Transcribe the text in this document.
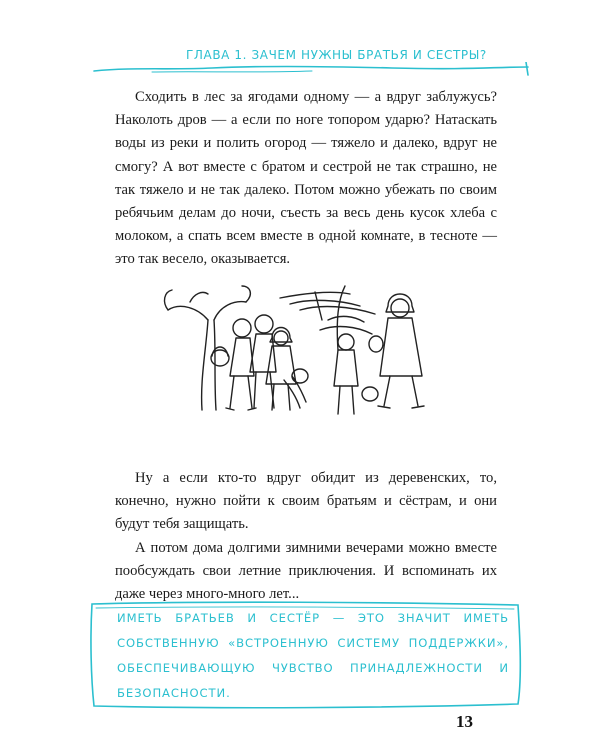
ГЛАВА 1. ЗАЧЕМ НУЖНЫ БРАТЬЯ И СЕСТРЫ?

Сходить в лес за ягодами одному — а вдруг заблужусь? Наколоть дров — а если по ноге топором ударю? Натаскать воды из реки и полить огород — тяжело и далеко, вдруг не смогу? А вот вместе с братом и сестрой не так страшно, не так тяжело и не так далеко. Потом можно убежать по своим ребячьим делам до ночи, съесть за весь день кусок хлеба с молоком, а спать всем вместе в одной комнате, в тесноте — это так весело, оказывается.

Ну а если кто-то вдруг обидит из деревенских, то, конечно, нужно пойти к своим братьям и сёстрам, и они будут тебя защищать.

А потом дома долгими зимними вечерами можно вместе пообсуждать свои летние приключения. И вспоминать их даже через много-много лет...

ИМЕТЬ БРАТЬЕВ И СЕСТЁР — ЭТО ЗНАЧИТ ИМЕТЬ СОБСТВЕННУЮ «ВСТРОЕННУЮ СИСТЕМУ ПОДДЕРЖКИ», ОБЕСПЕЧИВАЮЩУЮ ЧУВСТВО ПРИНАДЛЕЖНОСТИ И БЕЗОПАСНОСТИ.
13
